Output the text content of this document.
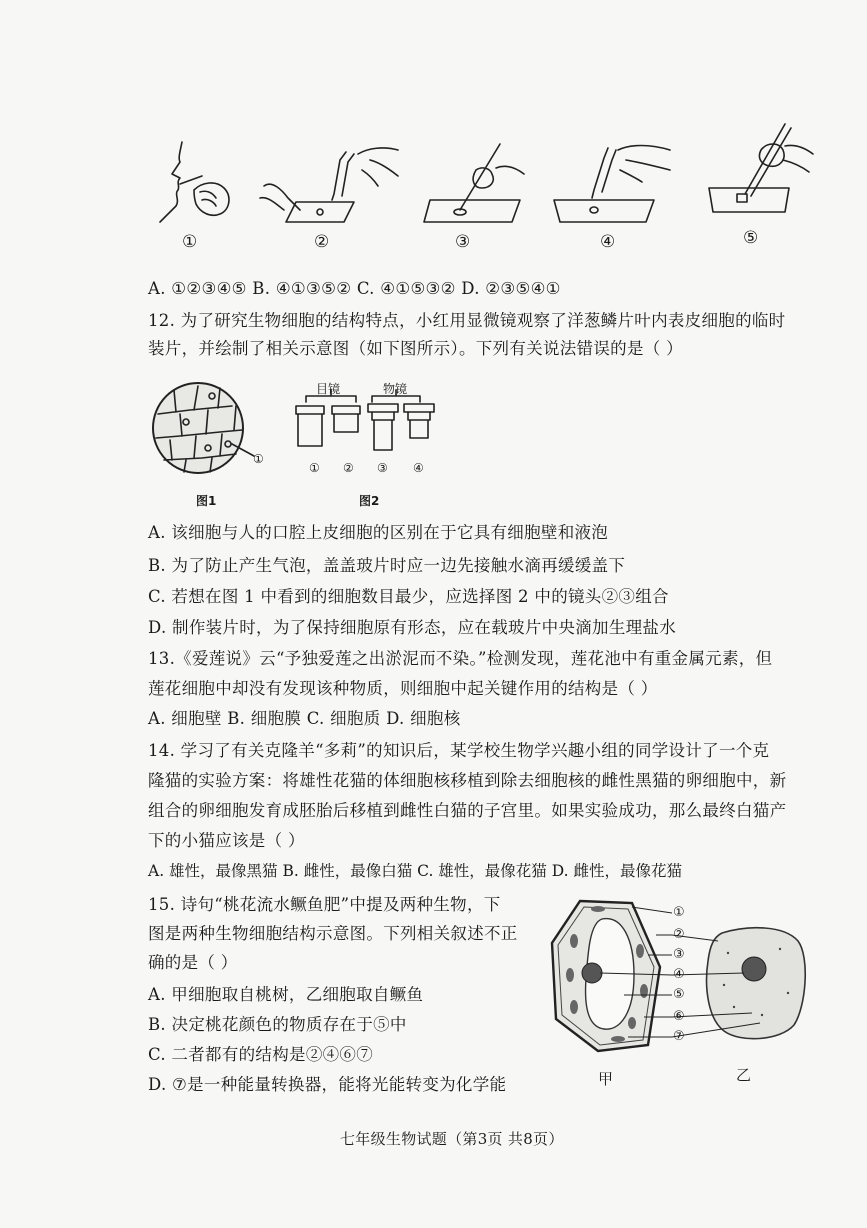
①	②	③	④	⑤
A. ①②③④⑤ B. ④①③⑤② C. ④①⑤③② D. ②③⑤④①
12. 为了研究生物细胞的结构特点，小红用显微镜观察了洋葱鳞片叶内表皮细胞的临时
装片，并绘制了相关示意图（如下图所示）。下列有关说法错误的是（ ）
①
图1
目镜	物镜
① ② ③ ④
图2
A. 该细胞与人的口腔上皮细胞的区别在于它具有细胞壁和液泡
B. 为了防止产生气泡，盖盖玻片时应一边先接触水滴再缓缓盖下
C. 若想在图 1 中看到的细胞数目最少，应选择图 2 中的镜头②③组合
D. 制作装片时，为了保持细胞原有形态，应在载玻片中央滴加生理盐水
13.《爱莲说》云“予独爱莲之出淤泥而不染。”检测发现，莲花池中有重金属元素，但
莲花细胞中却没有发现该种物质，则细胞中起关键作用的结构是（ ）
A. 细胞壁 B. 细胞膜 C. 细胞质 D. 细胞核
14. 学习了有关克隆羊“多莉”的知识后，某学校生物学兴趣小组的同学设计了一个克
隆猫的实验方案：将雄性花猫的体细胞核移植到除去细胞核的雌性黑猫的卵细胞中，新
组合的卵细胞发育成胚胎后移植到雌性白猫的子宫里。如果实验成功，那么最终白猫产
下的小猫应该是（ ）
A. 雄性，最像黑猫 B. 雌性，最像白猫 C. 雄性，最像花猫 D. 雌性，最像花猫
15. 诗句“桃花流水鳜鱼肥”中提及两种生物，下
图是两种生物细胞结构示意图。下列相关叙述不正
确的是（ ）
A. 甲细胞取自桃树，乙细胞取自鳜鱼
B. 决定桃花颜色的物质存在于⑤中
C. 二者都有的结构是②④⑥⑦
D. ⑦是一种能量转换器，能将光能转变为化学能
①
②
③
④
⑤
⑥
⑦
甲	乙
七年级生物试题（第3页 共8页）
